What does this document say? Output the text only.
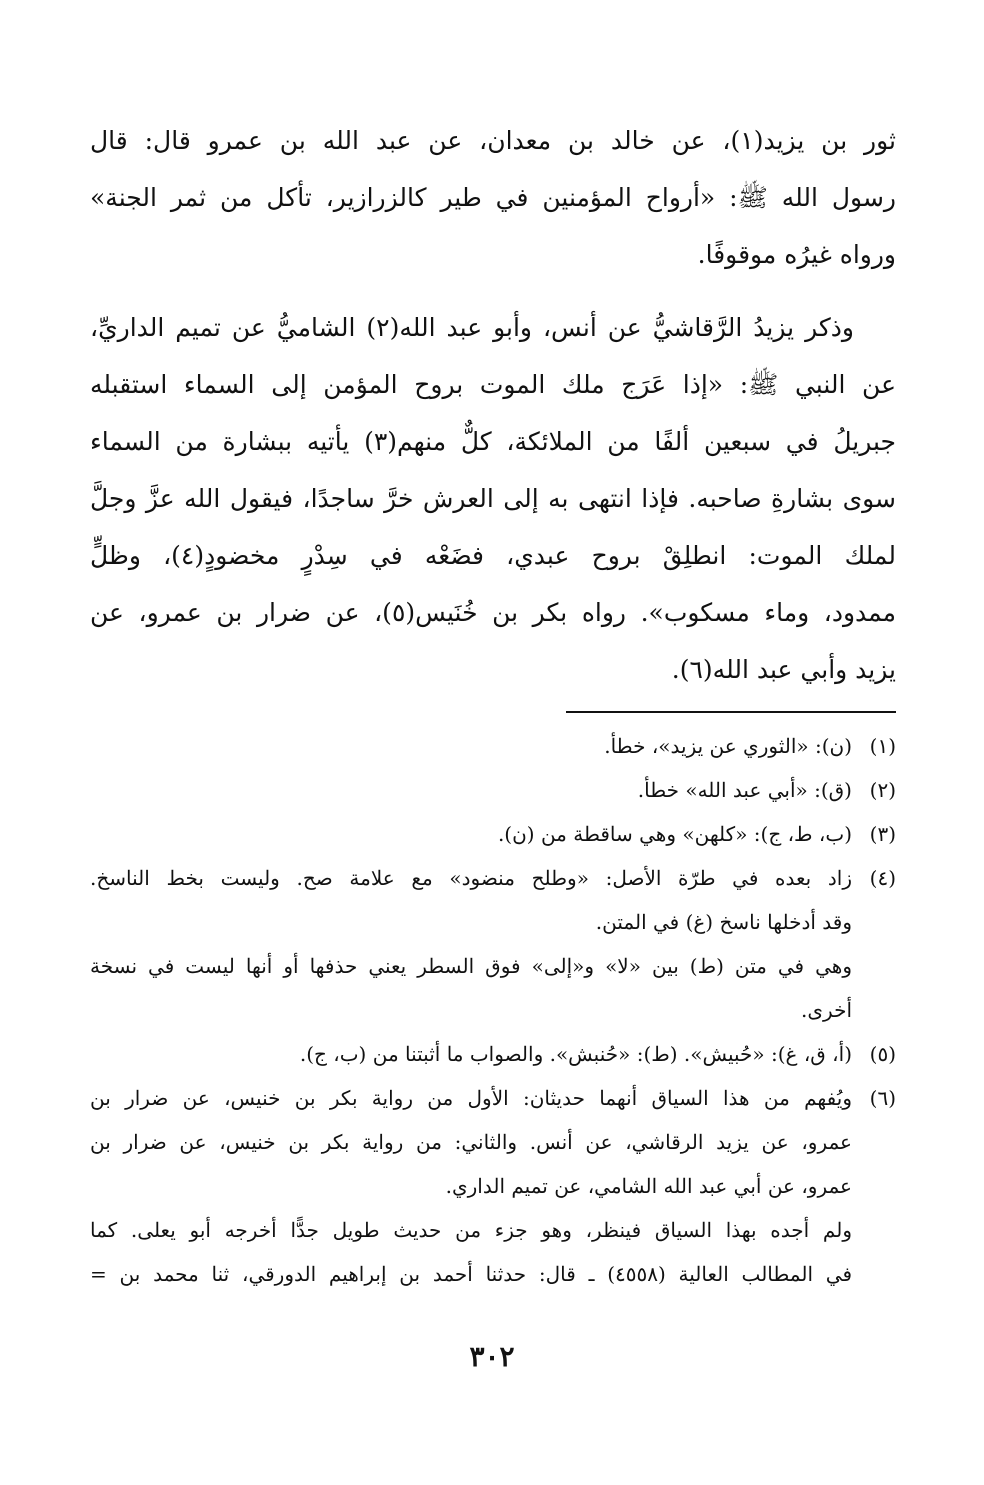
ثور بن يزيد(١)، عن خالد بن معدان، عن عبد الله بن عمرو قال: قال
رسول الله ﷺ: «أرواح المؤمنين في طير كالزرازير، تأكل من ثمر الجنة»
ورواه غيرُه موقوفًا.
وذكر يزيدُ الرَّقاشيُّ عن أنس، وأبو عبد الله(٢) الشاميُّ عن تميم الداريِّ،
عن النبي ﷺ: «إذا عَرَج ملك الموت بروح المؤمن إلى السماء استقبله
جبريلُ في سبعين ألفًا من الملائكة، كلٌّ منهم(٣) يأتيه ببشارة من السماء
سوى بشارةِ صاحبه. فإذا انتهى به إلى العرش خرَّ ساجدًا، فيقول الله عزَّ وجلَّ
لملك الموت: انطلِقْ بروح عبدي، فضَعْه في سِدْرٍ مخضودٍ(٤)، وظلٍّ
ممدود، وماء مسكوب». رواه بكر بن خُنَيس(٥)، عن ضرار بن عمرو، عن
يزيد وأبي عبد الله(٦).
(١)
(ن): «الثوري عن يزيد»، خطأ.
(٢)
(ق): «أبي عبد الله» خطأ.
(٣)
(ب، ط، ج): «كلهن» وهي ساقطة من (ن).
(٤)
زاد بعده في طرّة الأصل: «وطلح منضود» مع علامة صح. وليست بخط الناسخ.
وقد أدخلها ناسخ (غ) في المتن.
وهي في متن (ط) بين «لا» و«إلى» فوق السطر يعني حذفها أو أنها ليست في نسخة
أخرى.
(٥)
(أ، ق، غ): «حُبيش». (ط): «حُنبش». والصواب ما أثبتنا من (ب، ج).
(٦)
ويُفهم من هذا السياق أنهما حديثان: الأول من رواية بكر بن خنيس، عن ضرار بن
عمرو، عن يزيد الرقاشي، عن أنس. والثاني: من رواية بكر بن خنيس، عن ضرار بن
عمرو، عن أبي عبد الله الشامي، عن تميم الداري.
ولم أجده بهذا السياق فينظر، وهو جزء من حديث طويل جدًّا أخرجه أبو يعلى. كما
في المطالب العالية (٤٥٥٨) ـ قال: حدثنا أحمد بن إبراهيم الدورقي، ثنا محمد بن =
٣٠٢
